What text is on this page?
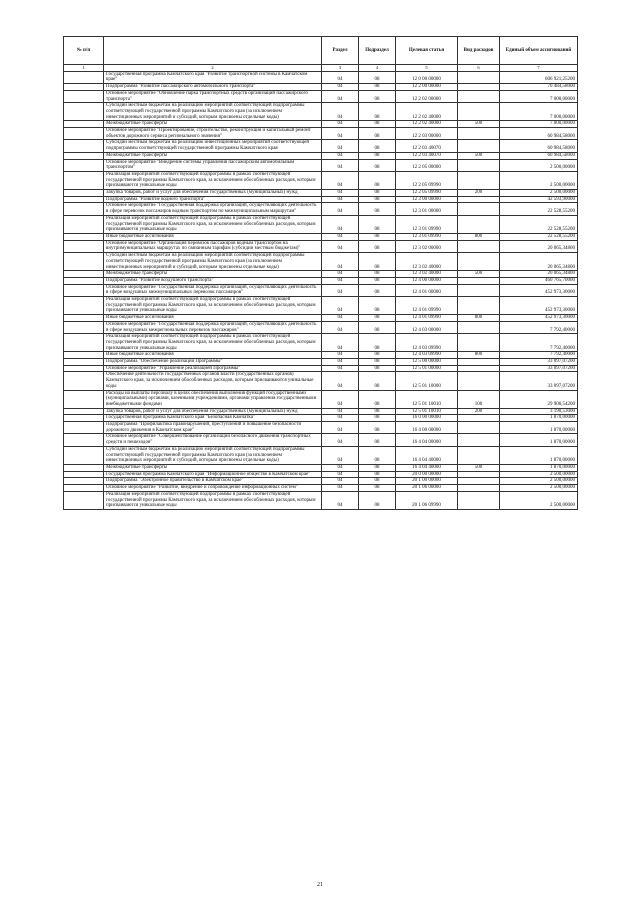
№ п/п		Раздел	Подраздел	Целевая статья	Вид расходов	Единый объем ассигнований
1	2	3	4	5	6	7
	Государственная программа Камчатского края "Развитие транспортной системы в Камчатском крае"	04	08	12 0 00 00000		606 921,25200
	Подпрограмма "Развитие пассажирского автомобильного транспорта"	04	08	12 2 00 00000		70 484,58000
	Основное мероприятие "Обновление парка транспортных средств организаций пассажирского транспорта"	04	08	12 2 02 00000		7 000,00000
	Субсидии местным бюджетам на реализацию мероприятий соответствующей подпрограммы соответствующей государственной программы Камчатского края (за исключением инвестиционных мероприятий и субсидий, которым присвоены отдельные коды)	04	08	12 2 02 40000		7 000,00000
	Межбюджетные трансферты	04	08	12 2 02 40000	500	7 000,00000
	Основное мероприятие "Проектирование, строительство, реконструкция и капитальный ремонт объектов дорожного сервиса регионального значения"	04	08	12 2 03 00000		60 984,58000
	Субсидии местным бюджетам на реализацию инвестиционных мероприятий соответствующей подпрограммы соответствующей государственной программы Камчатского края	04	08	12 2 03 40070		60 984,58000
	Межбюджетные трансферты	04	08	12 2 03 40070	500	60 984,58000
	Основное мероприятие "Внедрение системы управления пассажирским автомобильным транспортом"	04	08	12 2 05 00000		2 500,00000
	Реализация мероприятий соответствующей подпрограммы в рамках соответствующей государственной программы Камчатского края, за исключением обособленных расходов, которым присваиваются уникальные коды	04	08	12 2 05 09990		2 500,00000
	Закупка товаров, работ и услуг для обеспечения государственных (муниципальных) нужд	04	08	12 2 05 09990	200	2 500,00000
	Подпрограмма "Развитие водного транспорта"	04	08	12 3 00 00000		42 593,90000
	Основное мероприятие "Государственная поддержка организаций, осуществляющих деятельность в сфере перевозок пассажиров водным транспортом по межмуниципальным маршрутам"	04	08	12 3 01 00000		22 528,55200
	Реализация мероприятий соответствующей подпрограммы в рамках соответствующей государственной программы Камчатского края, за исключением обособленных расходов, которым присваиваются уникальные коды	04	08	12 3 01 09990		22 528,55200
	Иные бюджетные ассигнования	04	08	12 3 01 09990	800	22 528,55200
	Основное мероприятие "Организация перевозок пассажиров водным транспортом на внутримуниципальных маршрутах по связанным тарифам (субсидии местным бюджетам)"	04	08	12 3 02 00000		20 065,34800
	Субсидии местным бюджетам на реализацию мероприятий соответствующей подпрограммы соответствующей государственной программы Камчатского края (за исключением инвестиционных мероприятий и субсидий, которым присвоены отдельные коды)	04	08	12 3 02 40000		20 065,34800
	Межбюджетные трансферты	04	08	12 3 02 40000	500	20 065,34800
	Подпрограмма "Развитие воздушного транспорта"	04	08	12 4 00 00000		460 765,70000
	Основное мероприятие "Государственная поддержка организаций, осуществляющих деятельность в сфере воздушных межмуниципальных перевозок пассажиров"	04	08	12 4 01 00000		452 973,30000
	Реализация мероприятий соответствующей подпрограммы в рамках соответствующей государственной программы Камчатского края, за исключением обособленных расходов, которым присваиваются уникальные коды	04	08	12 4 01 09990		452 973,30000
	Иные бюджетные ассигнования	04	08	12 4 01 09990	800	452 973,30000
	Основное мероприятие "Государственная поддержка организаций, осуществляющих деятельность в сфере воздушных межрегиональных перевозок пассажиров"	04	08	12 4 03 00000		7 792,40000
	Реализация мероприятий соответствующей подпрограммы в рамках соответствующей государственной программы Камчатского края, за исключением обособленных расходов, которым присваиваются уникальные коды	04	08	12 4 03 09990		7 792,40000
	Иные бюджетные ассигнования	04	08	12 4 03 09990	800	7 792,40000
	Подпрограмма "Обеспечение реализации Программы"	04	08	12 5 00 00000		33 097,07200
	Основное мероприятие "Управление реализацией Программы"	04	08	12 5 01 00000		33 097,07200
	Обеспечение деятельности государственных органов власти (государственных органов) Камчатского края, за исключением обособленных расходов, которым присваиваются уникальные коды	04	08	12 5 01 10000		33 097,07200
	Расходы на выплаты персоналу в целях обеспечения выполнения функций государственными (муниципальными) органами, казенными учреждениями, органами управления государственными внебюджетными фондами	04	08	12 5 01 10010	100	29 906,54200
	Закупка товаров, работ и услуг для обеспечения государственных (муниципальных) нужд	04	08	12 5 01 10010	200	3 190,53000
	Государственная программа Камчатского края "Безопасная Камчатка"	04	08	16 0 00 00000		1 870,00000
	Подпрограмма "Профилактика правонарушений, преступлений и повышение безопасности дорожного движения в Камчатском крае"	04	08	16 4 00 00000		1 870,00000
	Основное мероприятие "Совершенствование организации безопасного движения транспортных средств и пешеходов"	04	08	16 4 04 00000		1 870,00000
	Субсидии местным бюджетам на реализацию мероприятий соответствующей подпрограммы соответствующей государственной программы Камчатского края (за исключением инвестиционных мероприятий и субсидий, которым присвоены отдельные коды)	04	08	16 4 04 40000		1 870,00000
	Межбюджетные трансферты	04	08	16 4 04 40000	500	1 870,00000
	Государственная программа Камчатского края "Информационное общество в Камчатском крае"	04	08	20 0 00 00000		2 500,00000
	Подпрограмма "Электронное правительство в Камчатском крае"	04	08	20 1 00 00000		2 500,00000
	Основное мероприятие "Развитие, внедрение и сопровождение информационных систем"	04	08	20 1 06 00000		2 500,00000
	Реализация мероприятий соответствующей подпрограммы в рамках соответствующей государственной программы Камчатского края, за исключением обособленных расходов, которым присваиваются уникальные коды	04	08	20 1 06 09990		2 500,00000
21
